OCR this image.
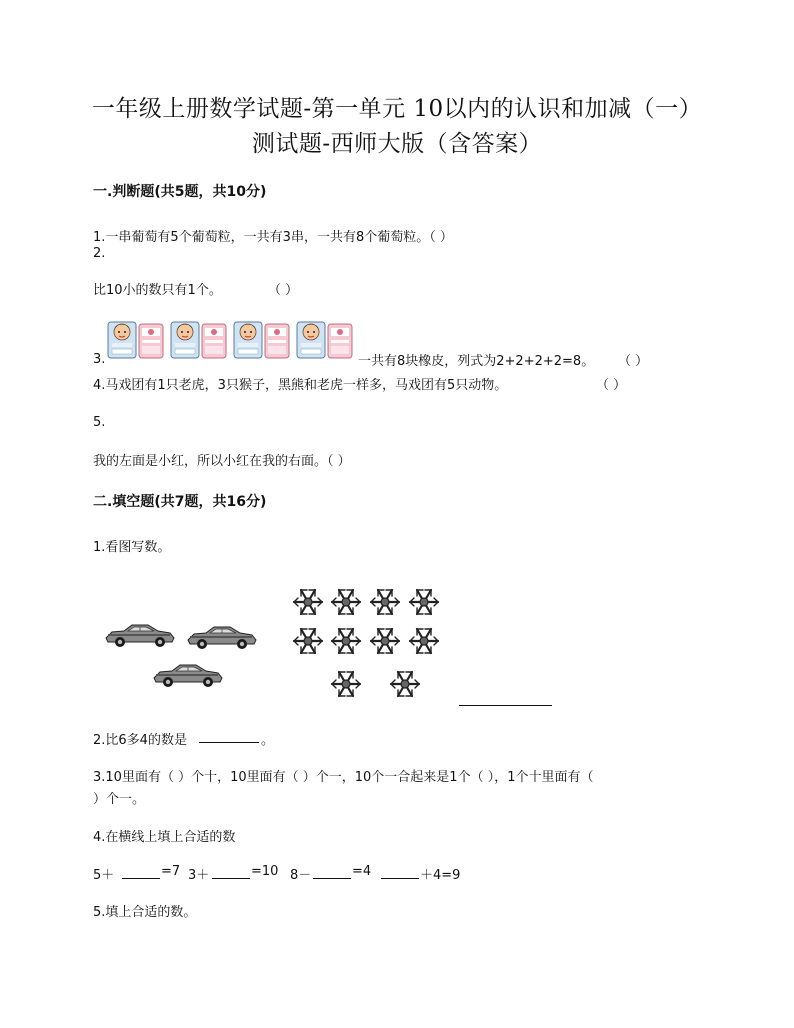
一年级上册数学试题-第一单元 10以内的认识和加减（一）
测试题-西师大版（含答案）
一.判断题(共5题，共10分)
1.一串葡萄有5个葡萄粒，一共有3串，一共有8个葡萄粒。（ ）
2.
比10小的数只有1个。	（ ）
3.	一共有8块橡皮，列式为2+2+2+2=8。 （ ）
4.马戏团有1只老虎，3只猴子，黑熊和老虎一样多，马戏团有5只动物。	（ ）
5.
我的左面是小红，所以小红在我的右面。（ ）
二.填空题(共7题，共16分)
1.看图写数。
2.比6多4的数是	。
3.10里面有（ ）个十，10里面有（ ）个一，10个一合起来是1个（ ），1个十里面有（
）个一。
4.在横线上填上合适的数
5＋	=7 3＋	=10 8－	=4	＋4=9
5.填上合适的数。
